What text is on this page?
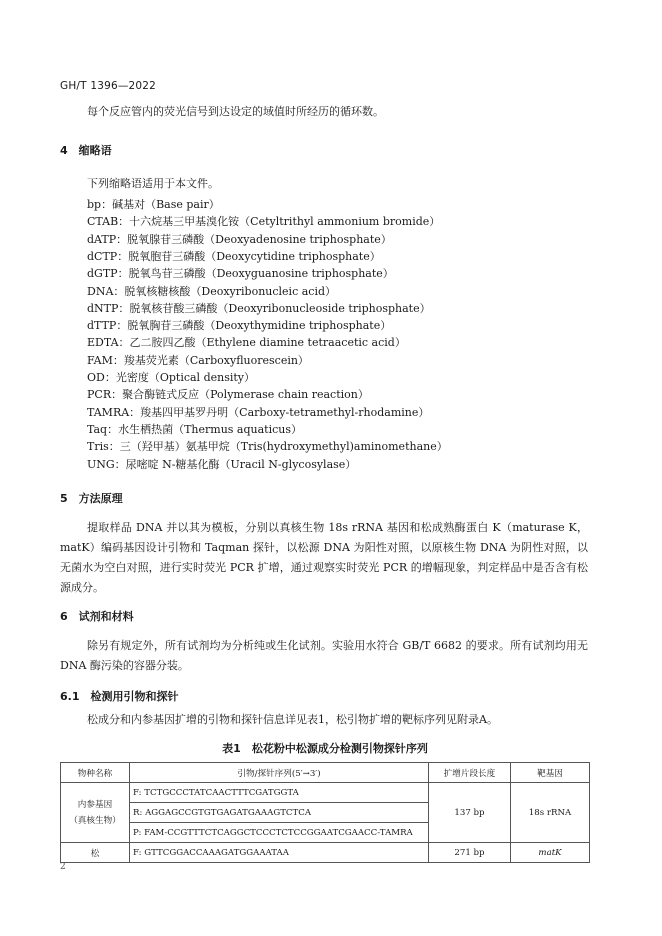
GH/T 1396—2022
每个反应管内的荧光信号到达设定的域值时所经历的循环数。
4　缩略语
下列缩略语适用于本文件。
bp：碱基对（Base pair）
CTAB：十六烷基三甲基溴化铵（Cetyltrithyl ammonium bromide）
dATP：脱氧腺苷三磷酸（Deoxyadenosine triphosphate）
dCTP：脱氧胞苷三磷酸（Deoxycytidine triphosphate）
dGTP：脱氧鸟苷三磷酸（Deoxyguanosine triphosphate）
DNA：脱氧核糖核酸（Deoxyribonucleic acid）
dNTP：脱氧核苷酸三磷酸（Deoxyribonucleoside triphosphate）
dTTP：脱氧胸苷三磷酸（Deoxythymidine triphosphate）
EDTA：乙二胺四乙酸（Ethylene diamine tetraacetic acid）
FAM：羧基荧光素（Carboxyfluorescein）
OD：光密度（Optical density）
PCR：聚合酶链式反应（Polymerase chain reaction）
TAMRA：羧基四甲基罗丹明（Carboxy-tetramethyl-rhodamine）
Taq：水生栖热菌（Thermus aquaticus）
Tris：三（羟甲基）氨基甲烷（Tris(hydroxymethyl)aminomethane）
UNG：尿嘧啶 N-糖基化酶（Uracil N-glycosylase）
5　方法原理
提取样品 DNA 并以其为模板，分别以真核生物 18s rRNA 基因和松成熟酶蛋白 K（maturase K，matK）编码基因设计引物和 Taqman 探针，以松源 DNA 为阳性对照，以原核生物 DNA 为阴性对照，以无菌水为空白对照，进行实时荧光 PCR 扩增，通过观察实时荧光 PCR 的增幅现象，判定样品中是否含有松源成分。
6　试剂和材料
除另有规定外，所有试剂均为分析纯或生化试剂。实验用水符合 GB/T 6682 的要求。所有试剂均用无 DNA 酶污染的容器分装。
6.1　检测用引物和探针
松成分和内参基因扩增的引物和探针信息详见表1，松引物扩增的靶标序列见附录A。
表1　松花粉中松源成分检测引物探针序列
物种名称	引物/探针序列(5′→3′)	扩增片段长度	靶基因

内参基因
（真核生物）	F: TCTGCCCTATCAACTTTCGATGGTA	137 bp	18s rRNA
	R: AGGAGCCGTGTGAGATGAAAGTCTCA		
	P: FAM-CCGTTTCTCAGGCTCCCTCTCCGGAATCGAACC-TAMRA		
松	F: GTTCGGACCAAAGATGGAAATAA	271 bp	matK
2
